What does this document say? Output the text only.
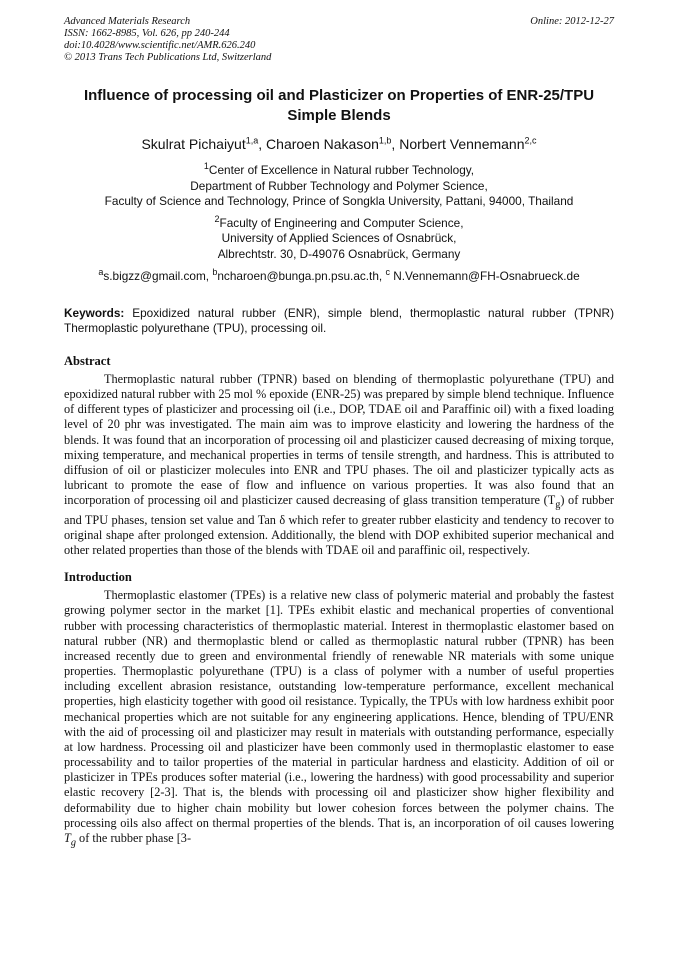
Advanced Materials Research
ISSN: 1662-8985, Vol. 626, pp 240-244
doi:10.4028/www.scientific.net/AMR.626.240
© 2013 Trans Tech Publications Ltd, Switzerland
Online: 2012-12-27
Influence of processing oil and Plasticizer on Properties of ENR-25/TPU Simple Blends
Skulrat Pichaiyut$^{1,a}$, Charoen Nakason$^{1,b}$, Norbert Vennemann$^{2,c}$
$^1$Center of Excellence in Natural rubber Technology,
Department of Rubber Technology and Polymer Science,
Faculty of Science and Technology, Prince of Songkla University, Pattani, 94000, Thailand
$^2$Faculty of Engineering and Computer Science,
University of Applied Sciences of Osnabrück,
Albrechtstr. 30, D-49076 Osnabrück, Germany
$^a$s.bigzz@gmail.com, $^b$ncharoen@bunga.pn.psu.ac.th, $^c$ N.Vennemann@FH-Osnabrueck.de
Keywords: Epoxidized natural rubber (ENR), simple blend, thermoplastic natural rubber (TPNR) Thermoplastic polyurethane (TPU), processing oil.
Abstract

Thermoplastic natural rubber (TPNR) based on blending of thermoplastic polyurethane (TPU) and epoxidized natural rubber with 25 mol % epoxide (ENR-25) was prepared by simple blend technique. Influence of different types of plasticizer and processing oil (i.e., DOP, TDAE oil and Paraffinic oil) with a fixed loading level of 20 phr was investigated. The main aim was to improve elasticity and lowering the hardness of the blends. It was found that an incorporation of processing oil and plasticizer caused decreasing of mixing torque, mixing temperature, and mechanical properties in terms of tensile strength, and hardness. This is attributed to diffusion of oil or plasticizer molecules into ENR and TPU phases. The oil and plasticizer typically acts as lubricant to promote the ease of flow and influence on various properties. It was also found that an incorporation of processing oil and plasticizer caused decreasing of glass transition temperature $(T_g)$ of rubber and TPU phases, tension set value and Tan δ which refer to greater rubber elasticity and tendency to recover to original shape after prolonged extension. Additionally, the blend with DOP exhibited superior mechanical and other related properties than those of the blends with TDAE oil and paraffinic oil, respectively.

Introduction

Thermoplastic elastomer (TPEs) is a relative new class of polymeric material and probably the fastest growing polymer sector in the market [1]. TPEs exhibit elastic and mechanical properties of conventional rubber with processing characteristics of thermoplastic material. Interest in thermoplastic elastomer based on natural rubber (NR) and thermoplastic blend or called as thermoplastic natural rubber (TPNR) has been increased recently due to green and environmental friendly of renewable NR materials with some unique properties. Thermoplastic polyurethane (TPU) is a class of polymer with a number of useful properties including excellent abrasion resistance, outstanding low-temperature performance, excellent mechanical properties, high elasticity together with good oil resistance. Typically, the TPUs with low hardness exhibit poor mechanical properties which are not suitable for any engineering applications. Hence, blending of TPU/ENR with the aid of processing oil and plasticizer may result in materials with outstanding performance, especially at low hardness. Processing oil and plasticizer have been commonly used in thermoplastic elastomer to ease processability and to tailor properties of the material in particular hardness and elasticity. Addition of oil or plasticizer in TPEs produces softer material (i.e., lowering the hardness) with good processability and superior elastic recovery [2-3]. That is, the blends with processing oil and plasticizer show higher flexibility and deformability due to higher chain mobility but lower cohesion forces between the polymer chains. The processing oils also affect on thermal properties of the blends. That is, an incorporation of oil causes lowering $T_g$ of the rubber phase [3-
